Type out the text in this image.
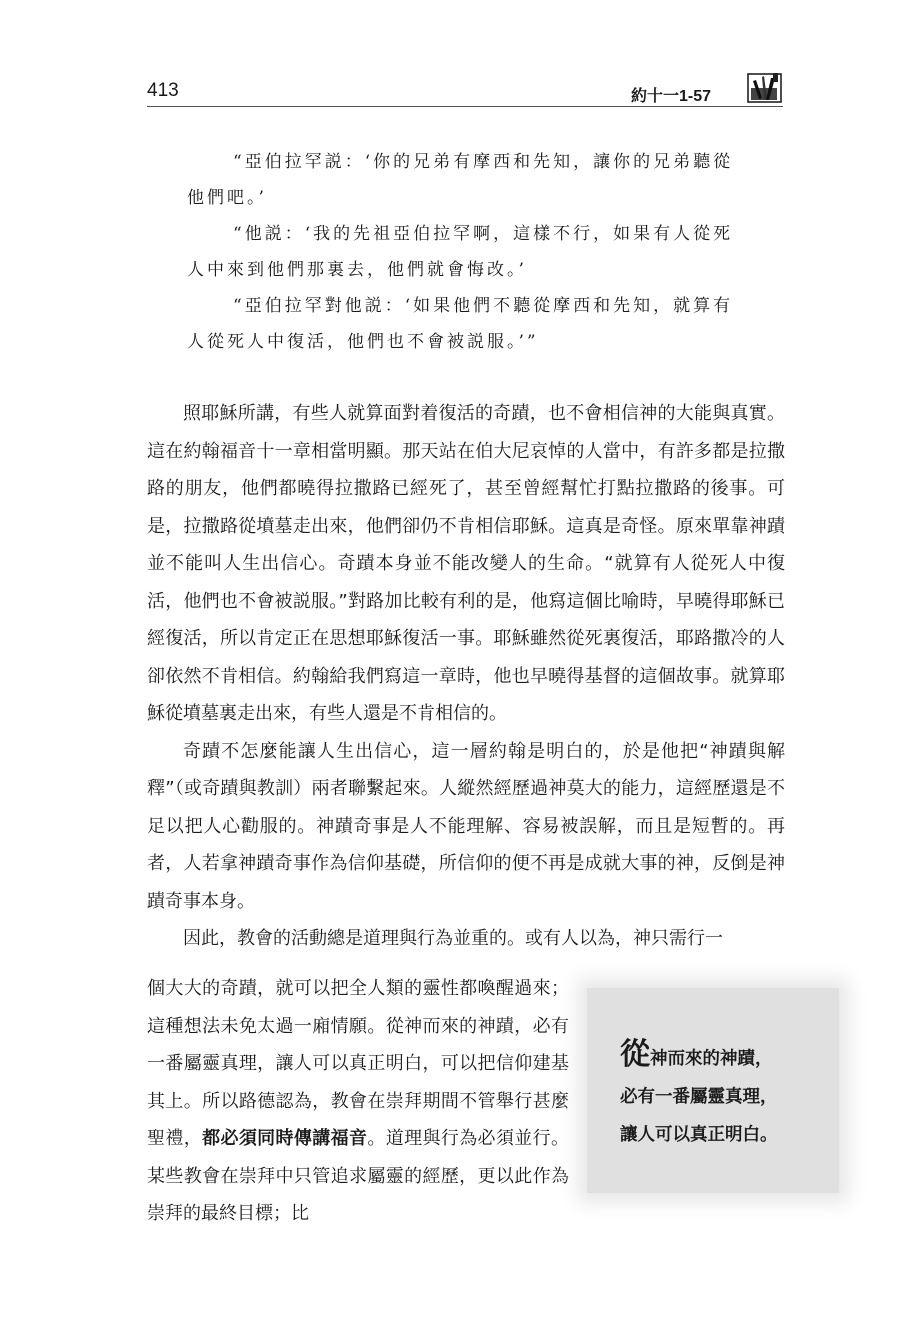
413	約十一1-57
“亞伯拉罕説：‘你的兄弟有摩西和先知，讓你的兄弟聽從
他們吧。’
“他説：‘我的先祖亞伯拉罕啊，這樣不行，如果有人從死
人中來到他們那裏去，他們就會悔改。’
“亞伯拉罕對他説：‘如果他們不聽從摩西和先知，就算有
人從死人中復活，他們也不會被説服。’”

照耶穌所講，有些人就算面對着復活的奇蹟，也不會相信神的大能與真實。這在約翰福音十一章相當明顯。那天站在伯大尼哀悼的人當中，有許多都是拉撒路的朋友，他們都曉得拉撒路已經死了，甚至曾經幫忙打點拉撒路的後事。可是，拉撒路從墳墓走出來，他們卻仍不肯相信耶穌。這真是奇怪。原來單靠神蹟並不能叫人生出信心。奇蹟本身並不能改變人的生命。“就算有人從死人中復活，他們也不會被説服。”對路加比較有利的是，他寫這個比喻時，早曉得耶穌已經復活，所以肯定正在思想耶穌復活一事。耶穌雖然從死裏復活，耶路撒冷的人卻依然不肯相信。約翰給我們寫這一章時，他也早曉得基督的這個故事。就算耶穌從墳墓裏走出來，有些人還是不肯相信的。

奇蹟不怎麼能讓人生出信心，這一層約翰是明白的，於是他把“神蹟與解釋”（或奇蹟與教訓）兩者聯繫起來。人縱然經歷過神莫大的能力，這經歷還是不足以把人心勸服的。神蹟奇事是人不能理解、容易被誤解，而且是短暫的。再者，人若拿神蹟奇事作為信仰基礎，所信仰的便不再是成就大事的神，反倒是神蹟奇事本身。

因此，教會的活動總是道理與行為並重的。或有人以為，神只需行一

個大大的奇蹟，就可以把全人類的靈性都喚醒過來；這種想法未免太過一廂情願。從神而來的神蹟，必有一番屬靈真理，讓人可以真正明白，可以把信仰建基其上。所以路德認為，教會在崇拜期間不管舉行甚麼聖禮，都必須同時傳講福音。道理與行為必須並行。某些教會在崇拜中只管追求屬靈的經歷，更以此作為崇拜的最終目標；比

從神而來的神蹟，
必有一番屬靈真理，
讓人可以真正明白。
